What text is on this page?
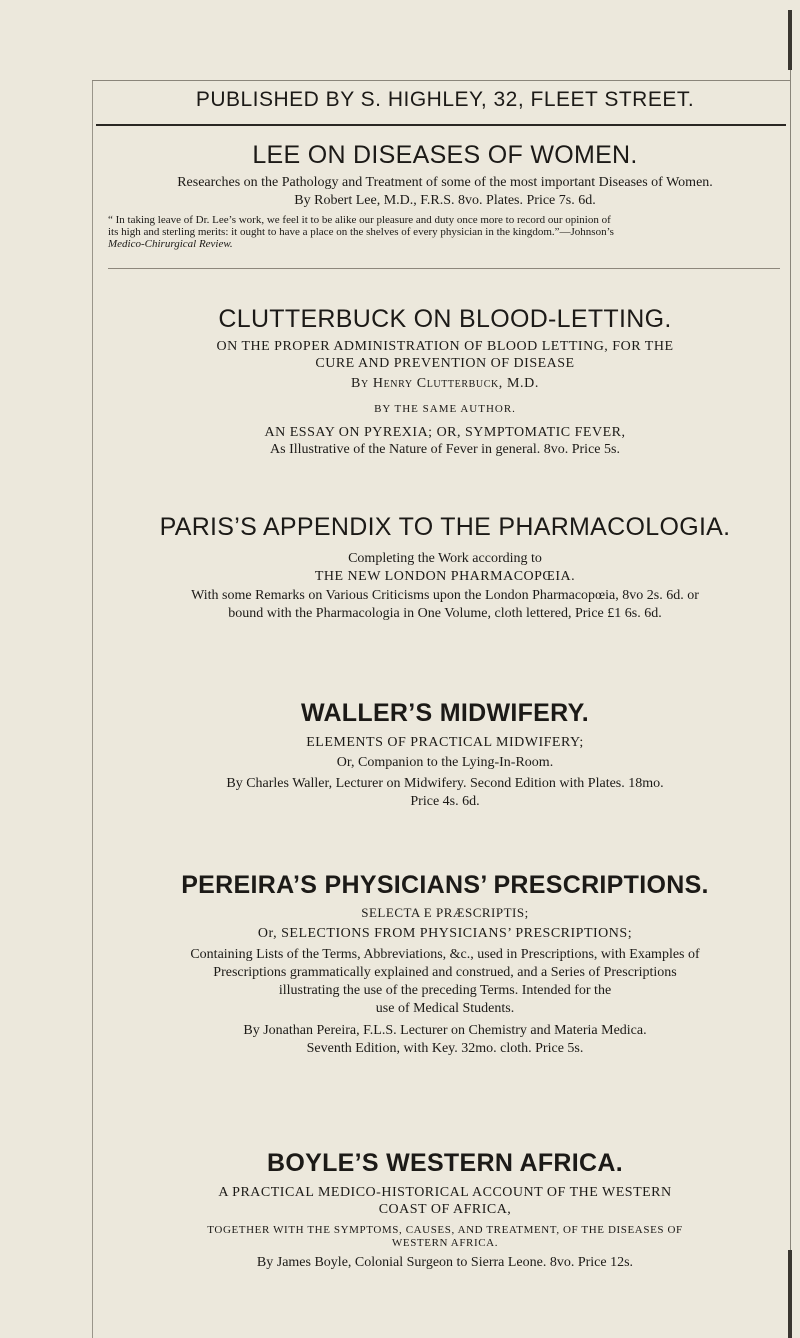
PUBLISHED BY S. HIGHLEY, 32, FLEET STREET.
LEE ON DISEASES OF WOMEN.
Researches on the Pathology and Treatment of some of the most important Diseases of Women.
By Robert Lee, M.D., F.R.S. 8vo. Plates. Price 7s. 6d.
“ In taking leave of Dr. Lee’s work, we feel it to be alike our pleasure and duty once more to record our opinion of
its high and sterling merits: it ought to have a place on the shelves of every physician in the kingdom.”—Johnson’s
Medico-Chirurgical Review.
CLUTTERBUCK ON BLOOD-LETTING.
ON THE PROPER ADMINISTRATION OF BLOOD LETTING, FOR THE
CURE AND PREVENTION OF DISEASE
By Henry Clutterbuck, M.D.
BY THE SAME AUTHOR.
AN ESSAY ON PYREXIA; OR, SYMPTOMATIC FEVER,
As Illustrative of the Nature of Fever in general. 8vo. Price 5s.
PARIS’S APPENDIX TO THE PHARMACOLOGIA.
Completing the Work according to
THE NEW LONDON PHARMACOPŒIA.
With some Remarks on Various Criticisms upon the London Pharmacopœia, 8vo 2s. 6d. or
bound with the Pharmacologia in One Volume, cloth lettered, Price £1 6s. 6d.
WALLER’S MIDWIFERY.
ELEMENTS OF PRACTICAL MIDWIFERY;
Or, Companion to the Lying-In-Room.
By Charles Waller, Lecturer on Midwifery. Second Edition with Plates. 18mo.
Price 4s. 6d.
PEREIRA’S PHYSICIANS’ PRESCRIPTIONS.
SELECTA E PRÆSCRIPTIS;
Or, SELECTIONS FROM PHYSICIANS’ PRESCRIPTIONS;
Containing Lists of the Terms, Abbreviations, &c., used in Prescriptions, with Examples of
Prescriptions grammatically explained and construed, and a Series of Prescriptions
illustrating the use of the preceding Terms. Intended for the
use of Medical Students.
By Jonathan Pereira, F.L.S. Lecturer on Chemistry and Materia Medica.
Seventh Edition, with Key. 32mo. cloth. Price 5s.
BOYLE’S WESTERN AFRICA.
A PRACTICAL MEDICO-HISTORICAL ACCOUNT OF THE WESTERN
COAST OF AFRICA,
TOGETHER WITH THE SYMPTOMS, CAUSES, AND TREATMENT, OF THE DISEASES OF
WESTERN AFRICA.
By James Boyle, Colonial Surgeon to Sierra Leone. 8vo. Price 12s.
